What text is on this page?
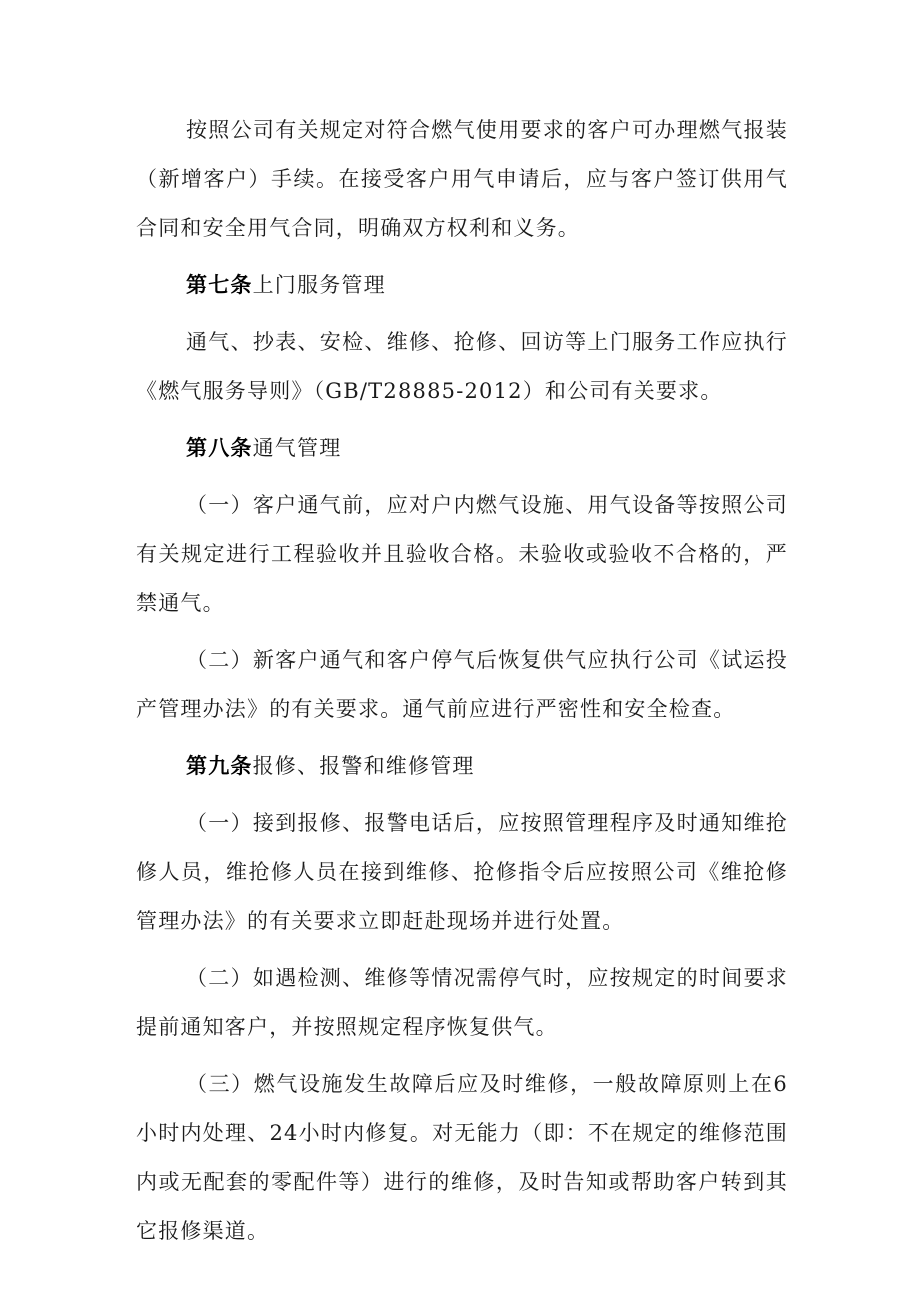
按照公司有关规定对符合燃气使用要求的客户可办理燃气报装（新增客户）手续。在接受客户用气申请后，应与客户签订供用气合同和安全用气合同，明确双方权利和义务。

第七条上门服务管理

通气、抄表、安检、维修、抢修、回访等上门服务工作应执行《燃气服务导则》（GB/T28885-2012）和公司有关要求。

第八条通气管理

（一）客户通气前，应对户内燃气设施、用气设备等按照公司有关规定进行工程验收并且验收合格。未验收或验收不合格的，严禁通气。

（二）新客户通气和客户停气后恢复供气应执行公司《试运投产管理办法》的有关要求。通气前应进行严密性和安全检查。

第九条报修、报警和维修管理

（一）接到报修、报警电话后，应按照管理程序及时通知维抢修人员，维抢修人员在接到维修、抢修指令后应按照公司《维抢修管理办法》的有关要求立即赶赴现场并进行处置。

（二）如遇检测、维修等情况需停气时，应按规定的时间要求提前通知客户，并按照规定程序恢复供气。

（三）燃气设施发生故障后应及时维修，一般故障原则上在6小时内处理、24小时内修复。对无能力（即：不在规定的维修范围内或无配套的零配件等）进行的维修，及时告知或帮助客户转到其它报修渠道。
